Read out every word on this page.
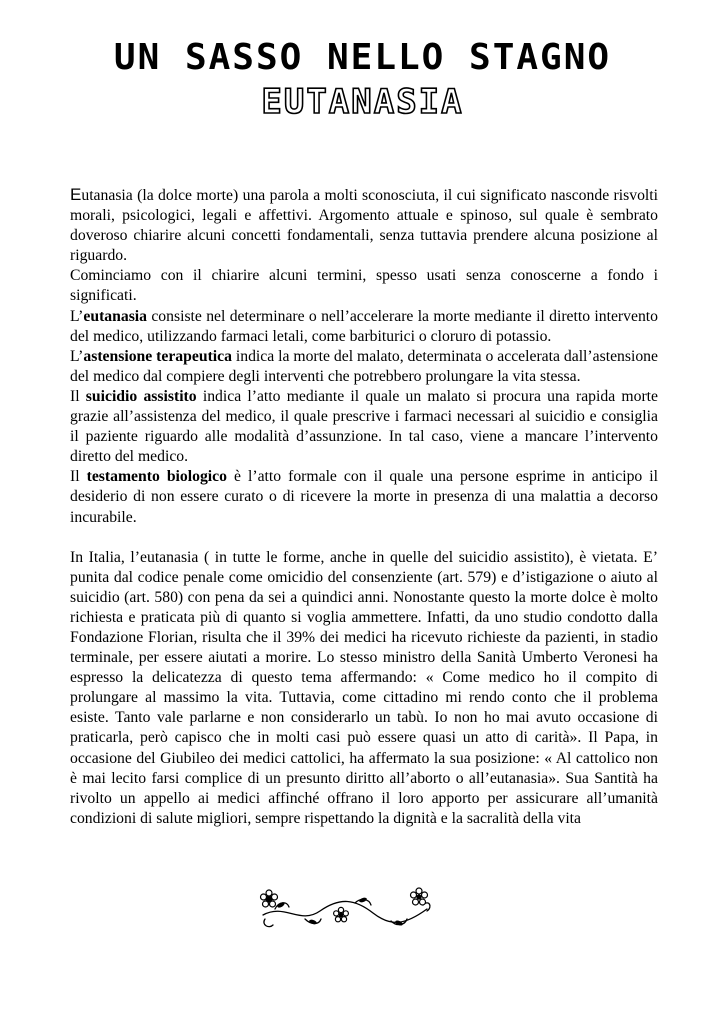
UN SASSO NELLO STAGNO
EUTANASIA

Eutanasia (la dolce morte) una parola a molti sconosciuta, il cui significato nasconde risvolti morali, psicologici, legali e affettivi. Argomento attuale e spinoso, sul quale è sembrato doveroso chiarire alcuni concetti fondamentali, senza tuttavia prendere alcuna posizione al riguardo.

Cominciamo con il chiarire alcuni termini, spesso usati senza conoscerne a fondo i significati.

L’eutanasia consiste nel determinare o nell’accelerare la morte mediante il diretto intervento del medico, utilizzando farmaci letali, come barbiturici o cloruro di potassio.

L’astensione terapeutica indica la morte del malato, determinata o accelerata dall’astensione del medico dal compiere degli interventi che potrebbero prolungare la vita stessa.

Il suicidio assistito indica l’atto mediante il quale un malato si procura una rapida morte grazie all’assistenza del medico, il quale prescrive i farmaci necessari al suicidio e consiglia il paziente riguardo alle modalità d’assunzione. In tal caso, viene a mancare l’intervento diretto del medico.

Il testamento biologico è l’atto formale con il quale una persone esprime in anticipo il desiderio di non essere curato o di ricevere la morte in presenza di una malattia a decorso incurabile.

In Italia, l’eutanasia ( in tutte le forme, anche in quelle del suicidio assistito), è vietata. E’ punita dal codice penale come omicidio del consenziente (art. 579) e d’istigazione o aiuto al suicidio (art. 580) con pena da sei a quindici anni. Nonostante questo la morte dolce è molto richiesta e praticata più di quanto si voglia ammettere. Infatti, da uno studio condotto dalla Fondazione Florian, risulta che il 39% dei medici ha ricevuto richieste da pazienti, in stadio terminale, per essere aiutati a morire. Lo stesso ministro della Sanità Umberto Veronesi ha espresso la delicatezza di questo tema affermando: « Come medico ho il compito di prolungare al massimo la vita. Tuttavia, come cittadino mi rendo conto che il problema esiste. Tanto vale parlarne e non considerarlo un tabù. Io non ho mai avuto occasione di praticarla, però capisco che in molti casi può essere quasi un atto di carità». Il Papa, in occasione del Giubileo dei medici cattolici, ha affermato la sua posizione: « Al cattolico non è mai lecito farsi complice di un presunto diritto all’aborto o all’eutanasia». Sua Santità ha rivolto un appello ai medici affinché offrano il loro apporto per assicurare all’umanità condizioni di salute migliori, sempre rispettando la dignità e la sacralità della vita
